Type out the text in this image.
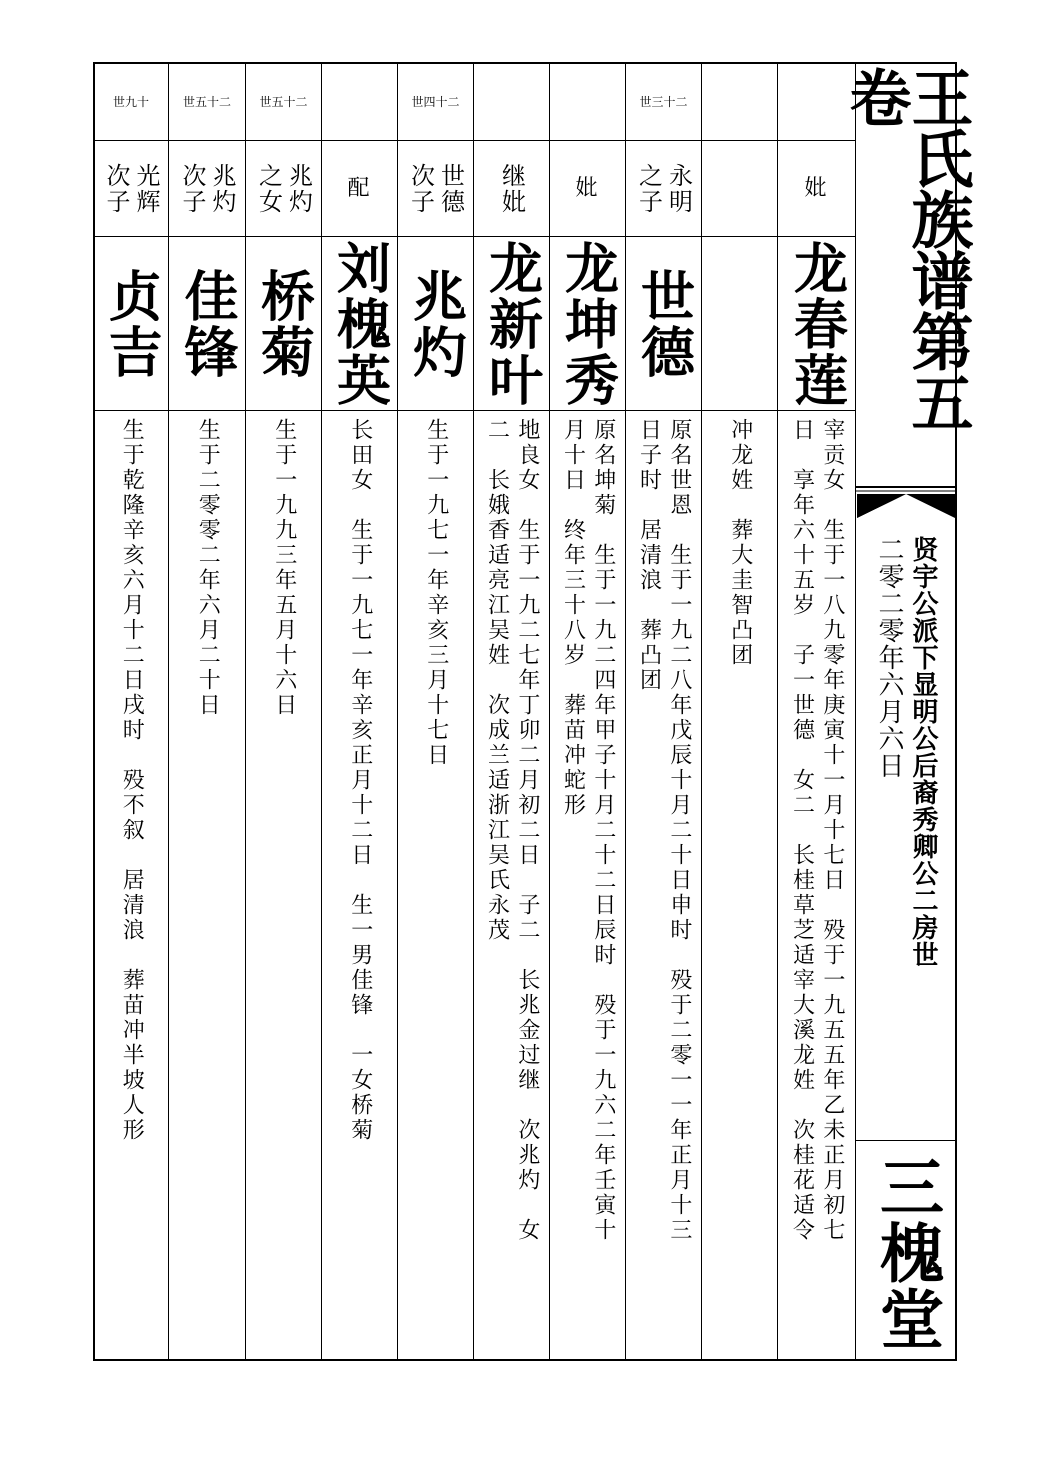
妣
龙春莲
宰贡女　生于一八九零年庚寅十一月十七日　殁于一九五五年乙未正月初七
日　享年六十五岁　子一世德　女二　长桂草芝适宰大溪龙姓　次桂花适令
冲龙姓　葬大圭智凸团
世三十二
永明
之子
世德
原名世恩　生于一九二八年戊辰十月二十日申时　殁于二零一一年正月十三
日子时　居清浪　葬凸团
妣
龙坤秀
原名坤菊　生于一九二四年甲子十月二十二日辰时　殁于一九六二年壬寅十
月十日　终年三十八岁　葬苗冲蛇形
继妣
龙新叶
地良女　生于一九二七年丁卯二月初二日　子二　长兆金过继　次兆灼　女
二　长娥香适亮江吴姓　次成兰适浙江吴氏永茂
世四十二
世德
次子
兆灼
生于一九七一年辛亥三月十七日
配
刘槐英
长田女　生于一九七一年辛亥正月十二日　生一男佳锋　一女桥菊
世五十二
兆灼
之女
桥菊
生于一九九三年五月十六日
世五十二
兆灼
次子
佳锋
生于二零零二年六月二十日
世九十
光辉
次子
贞吉
生于乾隆辛亥六月十二日戌时　殁不叙　居清浪　葬苗冲半坡人形
王氏族谱第五卷
贤宇公派下显明公后裔秀卿公二房世
二零二零年六月六日
三槐堂
